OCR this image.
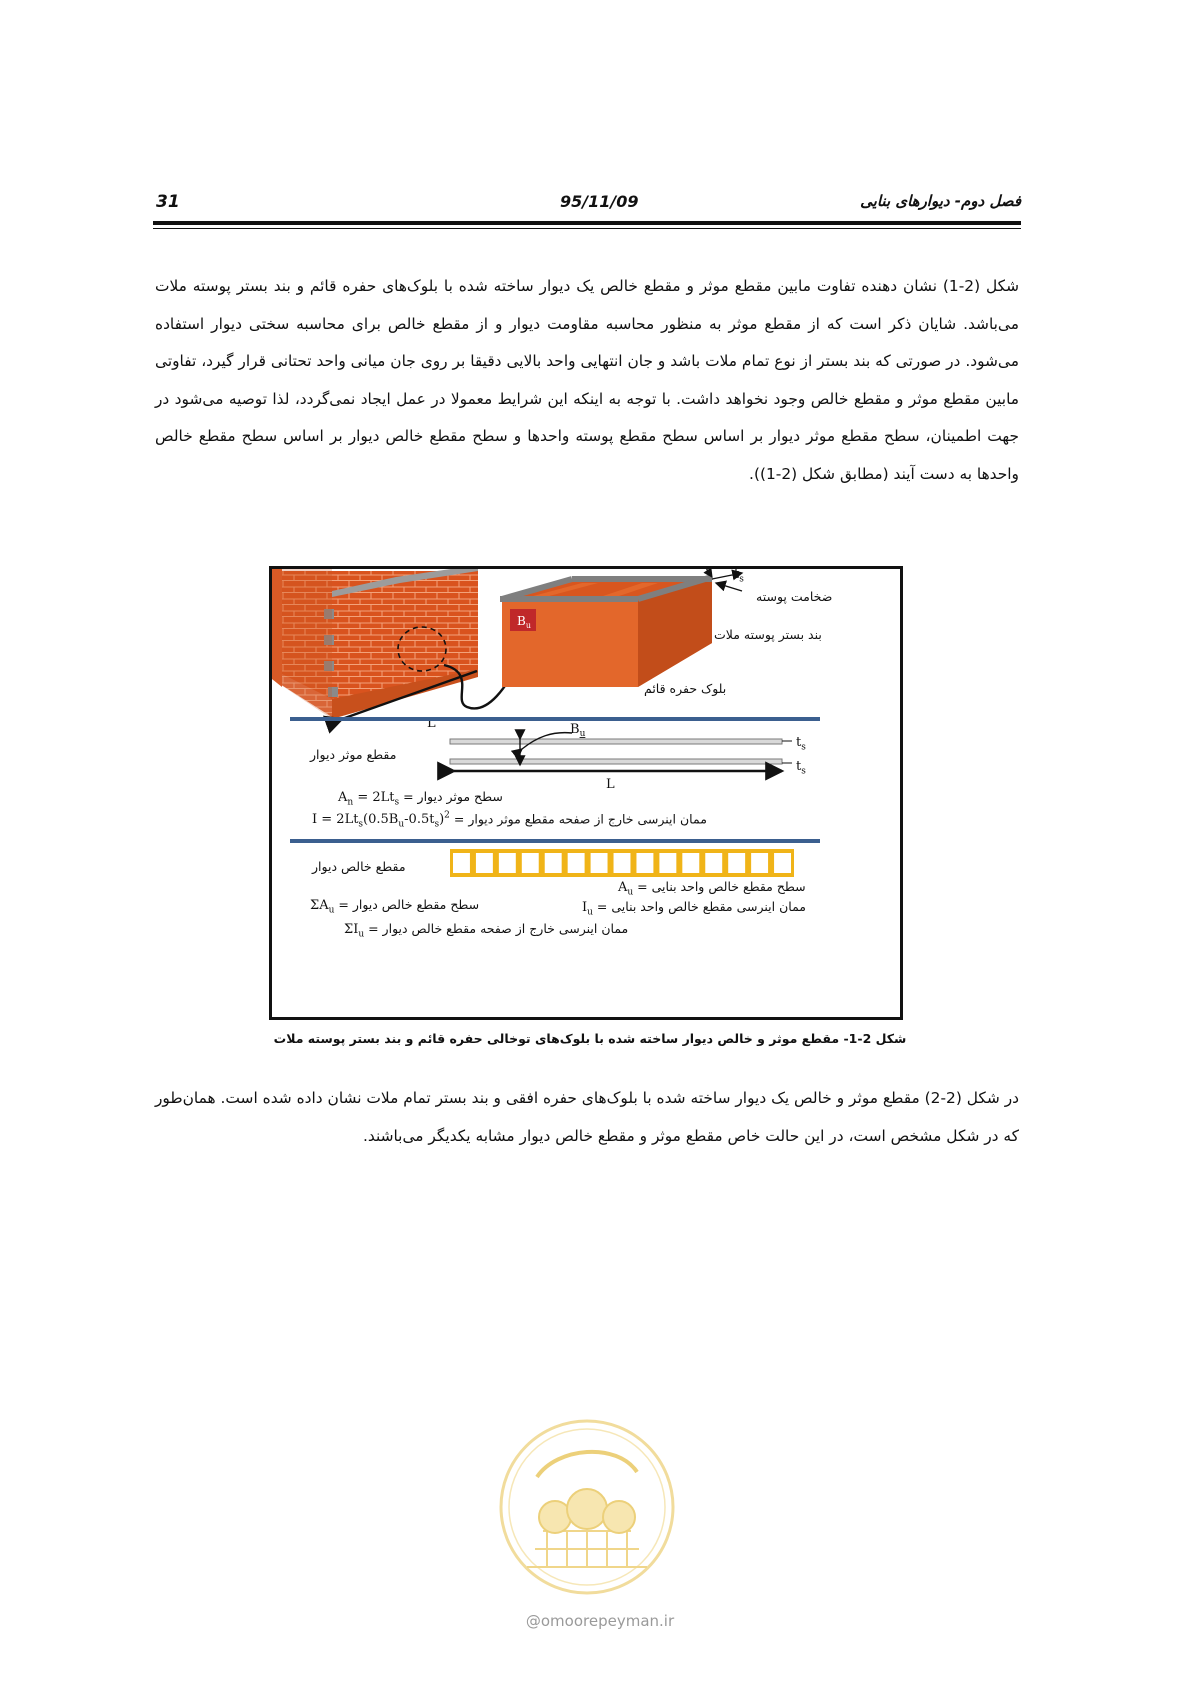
31	95/11/09	فصل دوم- دیوارهای بنایی

شکل (2-1) نشان دهنده تفاوت مابین مقطع موثر و مقطع خالص یک دیوار ساخته شده با بلوک‌های حفره قائم و بند بستر پوسته ملات می‌باشد. شایان ذکر است که از مقطع موثر به منظور محاسبه مقاومت دیوار و از مقطع خالص برای محاسبه سختی دیوار استفاده می‌شود. در صورتی که بند بستر از نوع تمام ملات باشد و جان انتهایی واحد بالایی دقیقا بر روی جان میانی واحد تحتانی قرار گیرد، تفاوتی مابین مقطع موثر و مقطع خالص وجود نخواهد داشت. با توجه به اینکه این شرایط معمولا در عمل ایجاد نمی‌گردد، لذا توصیه می‌شود در جهت اطمینان، سطح مقطع موثر دیوار بر اساس سطح مقطع پوسته واحدها و سطح مقطع خالص دیوار بر اساس سطح مقطع خالص واحدها به دست آیند (مطابق شکل (2-1)).

L
$B_u$
$B_u$
L
$t_s$
ضخامت پوسته
بند بستر پوسته ملات
بلوک حفره قائم
مقطع موثر دیوار
$t_s$
$t_s$
سطح موثر دیوار = $A_n = 2Lt_s$
ممان اینرسی خارج از صفحه مقطع موثر دیوار = $I = 2Lt_s(0.5B_u-0.5t_s)^2$
مقطع خالص دیوار
سطح مقطع خالص واحد بنایی = $A_u$
ممان اینرسی مقطع خالص واحد بنایی = $I_u$
سطح مقطع خالص دیوار = $\Sigma A_u$
ممان اینرسی خارج از صفحه مقطع خالص دیوار = $\Sigma I_u$
شکل 2-1- مقطع موثر و خالص دیوار ساخته شده با بلوک‌های توخالی حفره قائم و بند بستر پوسته ملات

در شکل (2-2) مقطع موثر و خالص یک دیوار ساخته شده با بلوک‌های حفره افقی و بند بستر تمام ملات نشان داده شده است. همان‌طور که در شکل مشخص است، در این حالت خاص مقطع موثر و مقطع خالص دیوار مشابه یکدیگر می‌باشند.

@omoorepeyman.ir
